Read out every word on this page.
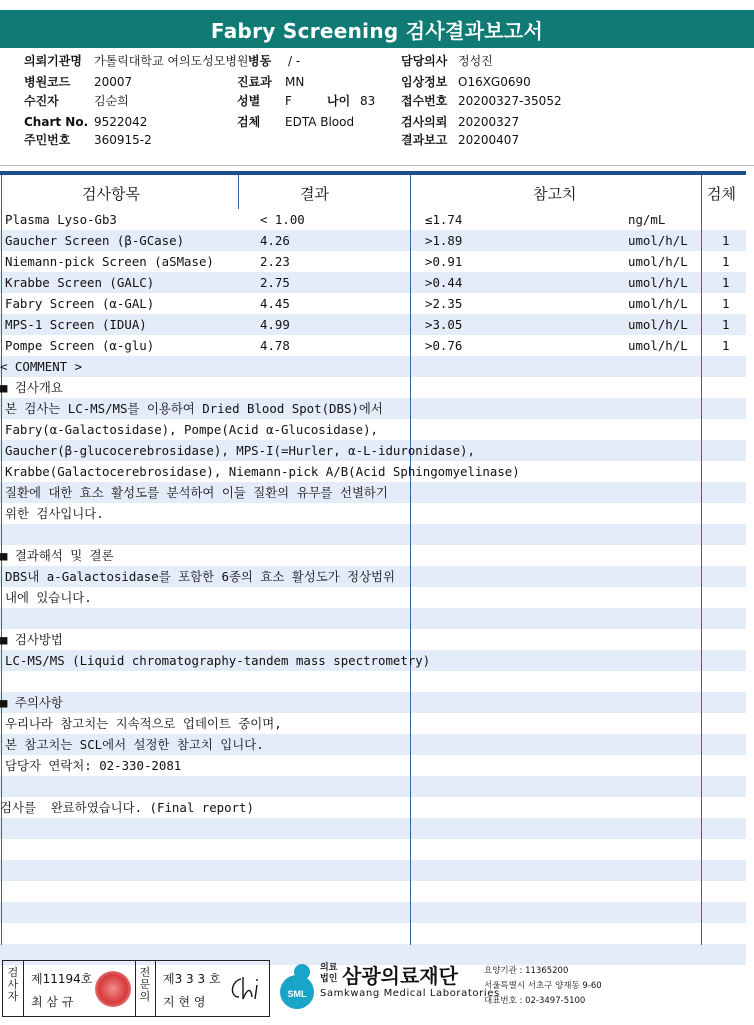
Fabry Screening 검사결과보고서
의뢰기관명 가톨릭대학교 여의도성모병원 병동 / -	담당의사 정성진
병원코드 20007	진료과 MN	임상정보 O16XG0690
수진자	김순희	성별 F	나이 83 접수번호 20200327-35052
Chart No. 9522042	검체 EDTA Blood	검사의뢰 20200327
주민번호 360915-2	결과보고 20200407
검사항목	결과	참고치	검체
Plasma Lyso-Gb3	< 1.00	≤1.74	ng/mL
Gaucher Screen (β-GCase)	4.26	>1.89	umol/h/L	1
Niemann-pick Screen (aSMase)	2.23	>0.91	umol/h/L	1
Krabbe Screen (GALC)	2.75	>0.44	umol/h/L	1
Fabry Screen (α-GAL)	4.45	>2.35	umol/h/L	1
MPS-1 Screen (IDUA)	4.99	>3.05	umol/h/L	1
Pompe Screen (α-glu)	4.78	>0.76	umol/h/L	1
< COMMENT >
■ 검사개요
본 검사는 LC-MS/MS를 이용하여 Dried Blood Spot(DBS)에서
Fabry(α-Galactosidase), Pompe(Acid α-Glucosidase),
Gaucher(β-glucocerebrosidase), MPS-I(=Hurler, α-L-iduronidase),
Krabbe(Galactocerebrosidase), Niemann-pick A/B(Acid Sphingomyelinase)
질환에 대한 효소 활성도를 분석하여 이들 질환의 유무를 선별하기
위한 검사입니다.
■ 결과해석 및 결론
DBS내 a-Galactosidase를 포함한 6종의 효소 활성도가 정상범위
내에 있습니다.
■ 검사방법
LC-MS/MS (Liquid chromatography-tandem mass spectrometry)
■ 주의사항
우리나라 참고치는 지속적으로 업데이트 중이며,
본 참고치는 SCL에서 설정한 참고치 입니다.
담당자 연락처: 02-330-2081
검사를  완료하였습니다. (Final report)
검사자
제11194호
최 삼 규
전문의
제3 3 3 호
지 현 영
SML
의료법인 삼광의료재단
Samkwang Medical Laboratories
요양기관 : 11365200
서울특별시 서초구 양재동 9-60
대표번호 : 02-3497-5100
